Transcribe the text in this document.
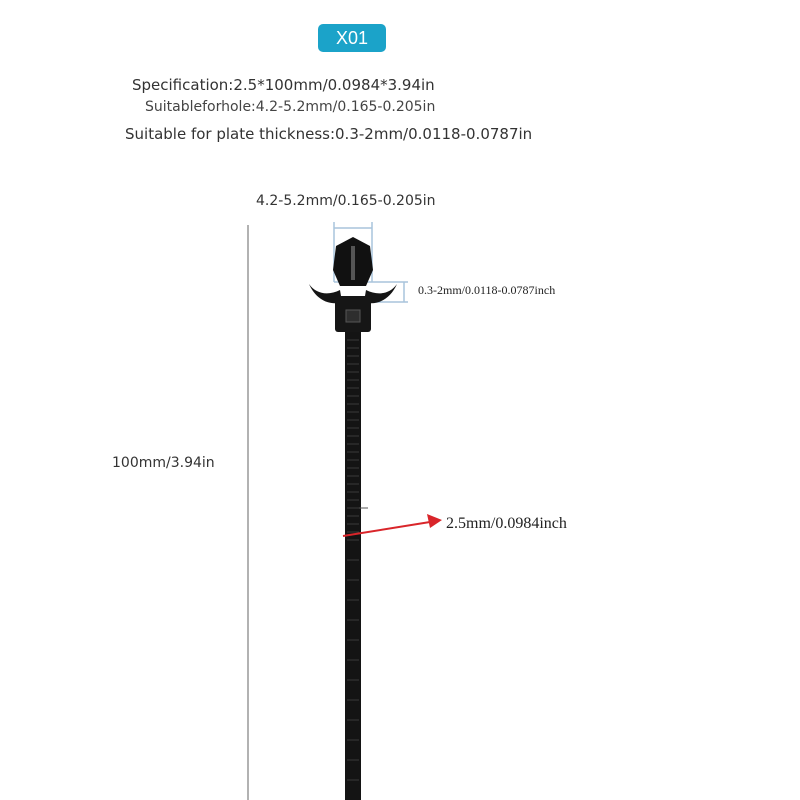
X01
Specification:2.5*100mm/0.0984*3.94in
Suitableforhole:4.2-5.2mm/0.165-0.205in
Suitable for plate thickness:0.3-2mm/0.0118-0.0787in
4.2-5.2mm/0.165-0.205in
0.3-2mm/0.0118-0.0787inch
100mm/3.94in
2.5mm/0.0984inch
